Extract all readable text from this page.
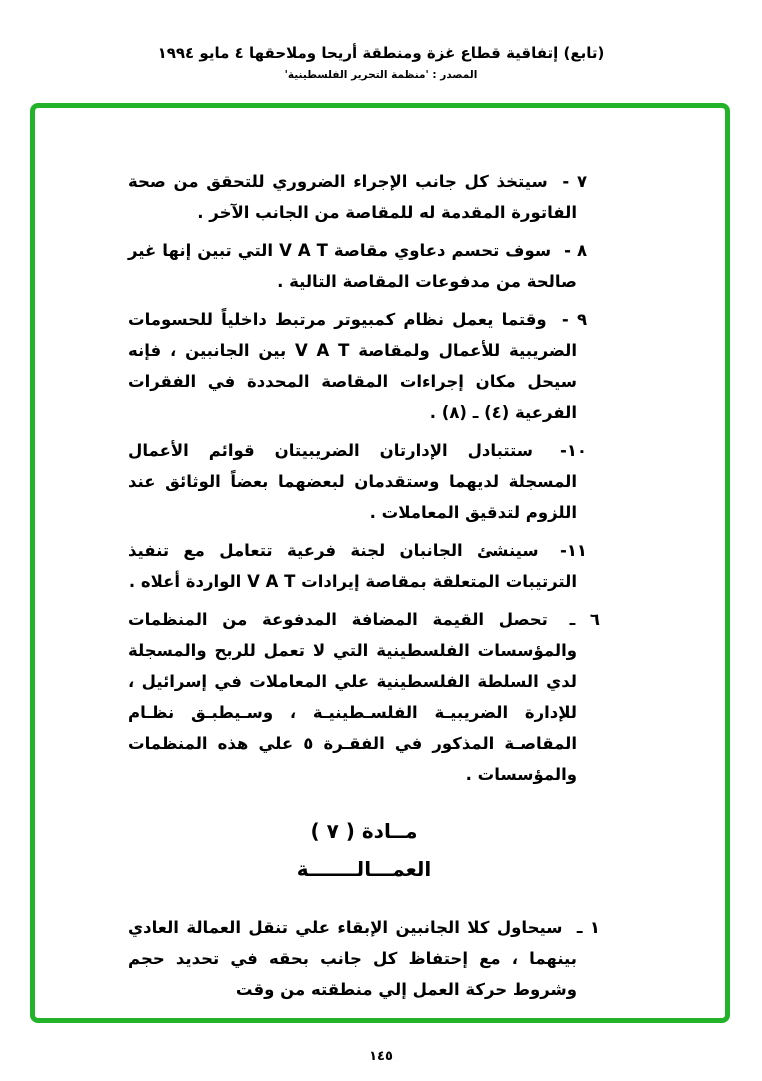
(تابع) إتفاقية قطاع غزة ومنطقة أريحا وملاحقها ٤ مايو ١٩٩٤
المصدر : 'منظمة التحرير الفلسطينية'

٧ - سيتخذ كل جانب الإجراء الضروري للتحقق من صحة الفاتورة المقدمة له للمقاصة من الجانب الآخر .

٨ - سوف تحسم دعاوي مقاصة V A T التي تبين إنها غير صالحة من مدفوعات المقاصة التالية .

٩ - وقتما يعمل نظام كمبيوتر مرتبط داخلياً للحسومات الضريبية للأعمال ولمقاصة V A T بين الجانبين ، فإنه سيحل مكان إجراءات المقاصة المحددة في الفقرات الفرعية (٤) ـ (٨) .

١٠- ستتبادل الإدارتان الضريبيتان قوائم الأعمال المسجلة لديهما وستقدمان لبعضهما بعضاً الوثائق عند اللزوم لتدقيق المعاملات .

١١- سينشئ الجانبان لجنة فرعية تتعامل مع تنفيذ الترتيبات المتعلقة بمقاصة إيرادات V A T الواردة أعلاه .

٦ ـ تحصل القيمة المضافة المدفوعة من المنظمات والمؤسسات الفلسطينية التي لا تعمل للربح والمسجلة لدي السلطة الفلسطينية علي المعاملات في إسرائيل ، للإدارة الضريبيـة الفلسـطينيـة ، وسـيطبـق نظـام المقاصـة المذكور في الفقـرة ٥ علي هذه المنظمات والمؤسسات .

مــادة ( ٧ )
العمـــالـــــــة

١ ـ سيحاول كلا الجانبين الإبقاء علي تنقل العمالة العادي بينهما ، مع إحتفاظ كل جانب بحقه في تحديد حجم وشروط حركة العمل إلي منطقته من وقت

١٤٥
